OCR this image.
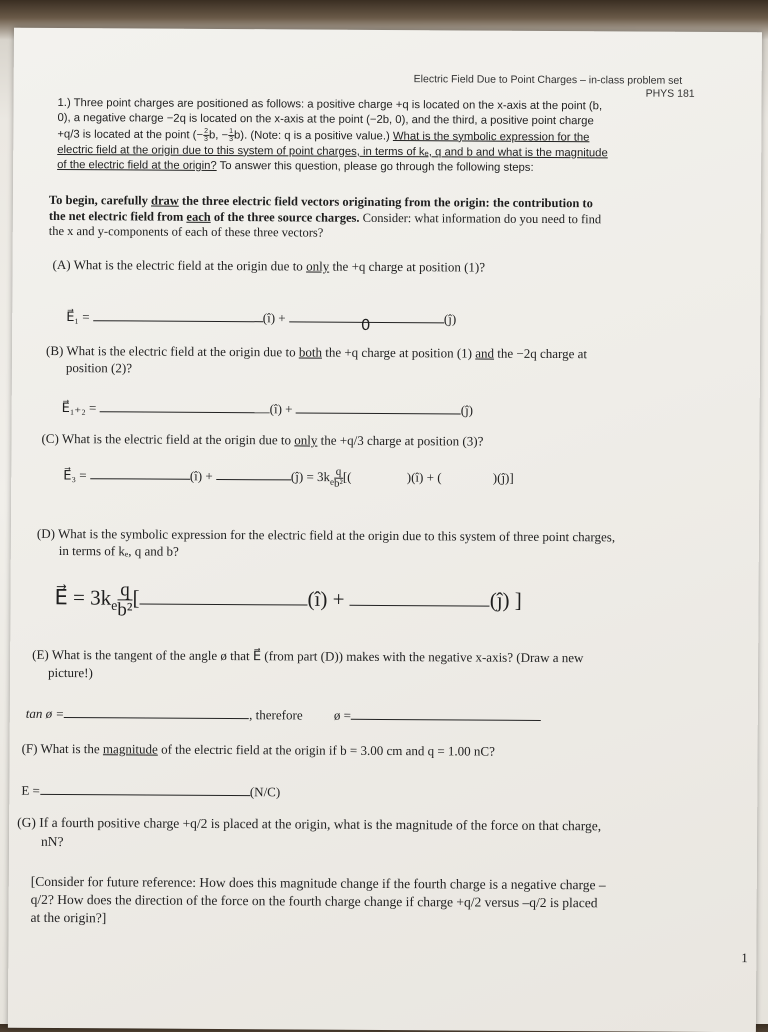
Electric Field Due to Point Charges – in-class problem set
PHYS 181
1.) Three point charges are positioned as follows: a positive charge +q is located on the x-axis at the point (b,
0), a negative charge −2q is located on the x-axis at the point (−2b, 0), and the third, a positive point charge
+q/3 is located at the point (− $\frac{2}{3} b$, − $\frac{1}{3} b$). (Note: q is a positive value.) What is the symbolic expression for the
electric field at the origin due to this system of point charges, in terms of kₑ, q and b and what is the magnitude
of the electric field at the origin? To answer this question, please go through the following steps:
To begin, carefully draw the three electric field vectors originating from the origin: the contribution to
the net electric field from each of the three source charges. Consider: what information do you need to find
the x and y-components of each of these three vectors?
(A) What is the electric field at the origin due to only the +q charge at position (1)?
E⃗₁ =	(î) +	0	(ĵ)
(B) What is the electric field at the origin due to both the +q charge at position (1) and the −2q charge at
position (2)?
E⃗₁₊₂ =	(î) +	(ĵ)
(C) What is the electric field at the origin due to only the +q/3 charge at position (3)?
E⃗₃ =	(î) +	(ĵ) = $3k_e \frac{q}{\text{b²}}$ [(	)(î) + (	)(ĵ)]
(D) What is the symbolic expression for the electric field at the origin due to this system of three point charges,
in terms of kₑ, q and b?
E⃗ = $3k_e \frac{q}{\text{b²}}$ [	(î) +	(ĵ) ]
(E) What is the tangent of the angle ø that E⃗ (from part (D)) makes with the negative x-axis? (Draw a new
picture!)
tan ø =	, therefore ø =
(F) What is the magnitude of the electric field at the origin if b = 3.00 cm and q = 1.00 nC?
E =	(N/C)
(G) If a fourth positive charge +q/2 is placed at the origin, what is the magnitude of the force on that charge,
nN?
[Consider for future reference: How does this magnitude change if the fourth charge is a negative charge –
q/2? How does the direction of the force on the fourth charge change if charge +q/2 versus –q/2 is placed
at the origin?]
1
